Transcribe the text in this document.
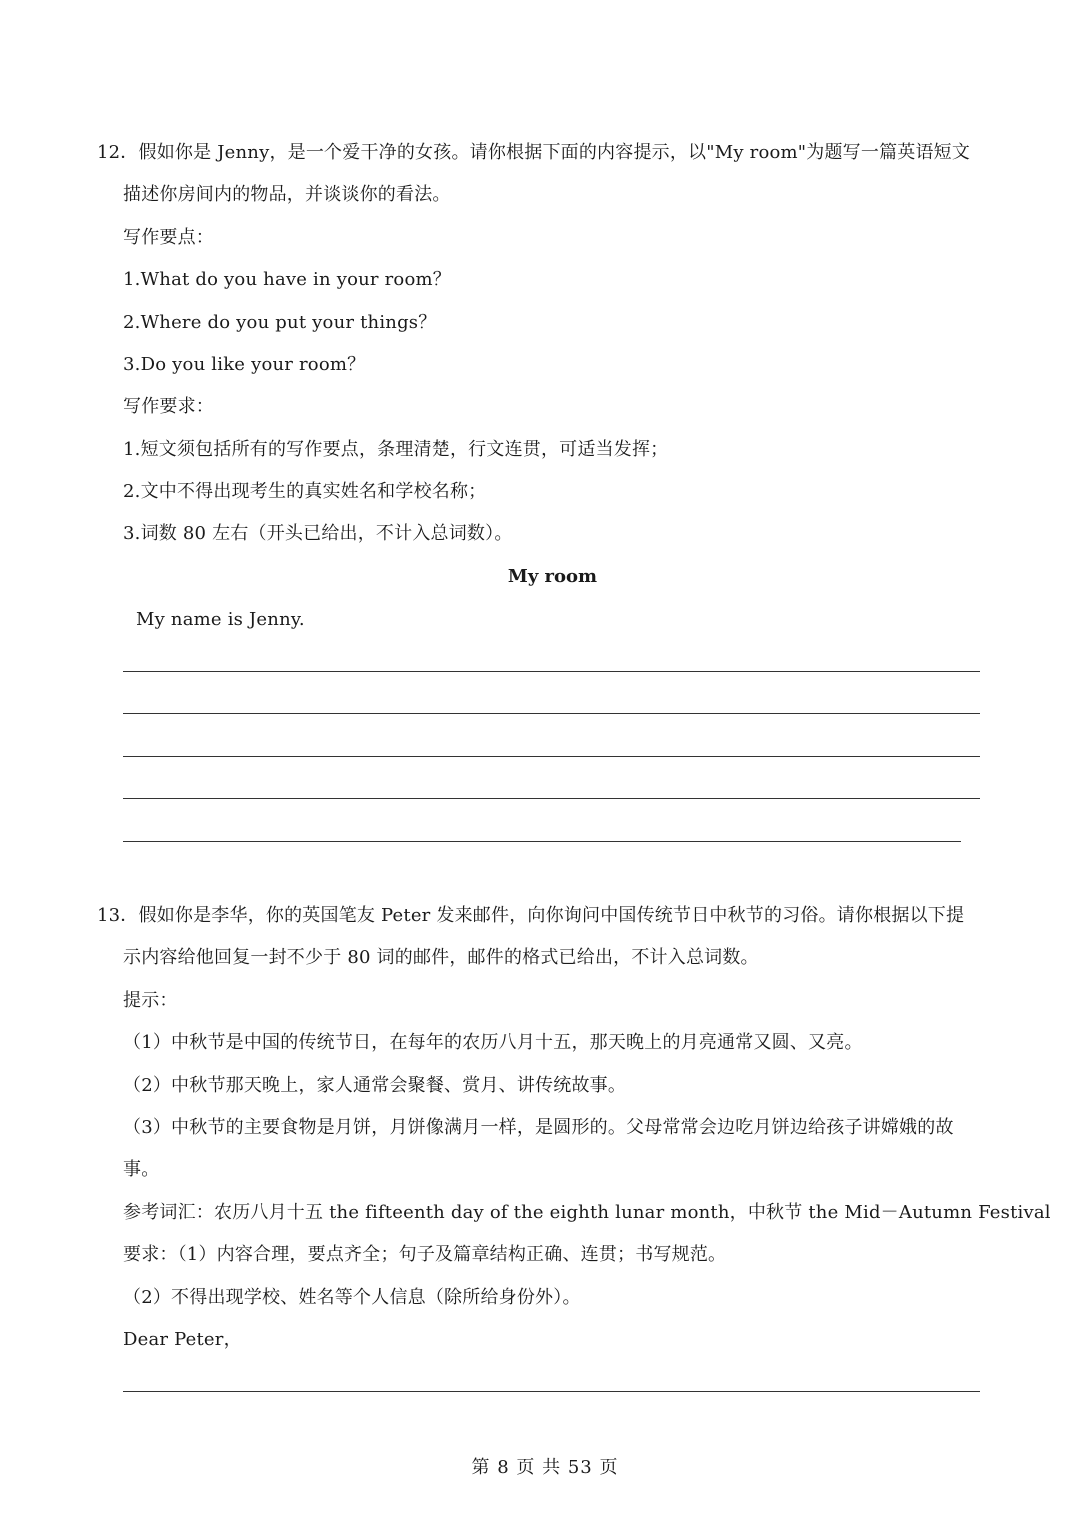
12．假如你是 Jenny，是一个爱干净的女孩。请你根据下面的内容提示，以"My room"为题写一篇英语短文
描述你房间内的物品，并谈谈你的看法。
写作要点：
1.What do you have in your room？
2.Where do you put your things？
3.Do you like your room？
写作要求：
1.短文须包括所有的写作要点，条理清楚，行文连贯，可适当发挥；
2.文中不得出现考生的真实姓名和学校名称；
3.词数 80 左右（开头已给出，不计入总词数）。
My room
My name is Jenny.
13．假如你是李华，你的英国笔友 Peter 发来邮件，向你询问中国传统节日中秋节的习俗。请你根据以下提
示内容给他回复一封不少于 80 词的邮件，邮件的格式已给出，不计入总词数。
提示：
（1）中秋节是中国的传统节日，在每年的农历八月十五，那天晚上的月亮通常又圆、又亮。
（2）中秋节那天晚上，家人通常会聚餐、赏月、讲传统故事。
（3）中秋节的主要食物是月饼，月饼像满月一样，是圆形的。父母常常会边吃月饼边给孩子讲嫦娥的故
事。
参考词汇：农历八月十五 the fifteenth day of the eighth lunar month，中秋节 the Mid－Autumn Festival
要求：（1）内容合理，要点齐全；句子及篇章结构正确、连贯；书写规范。
（2）不得出现学校、姓名等个人信息（除所给身份外）。
Dear Peter，
第 8 页 共 53 页
